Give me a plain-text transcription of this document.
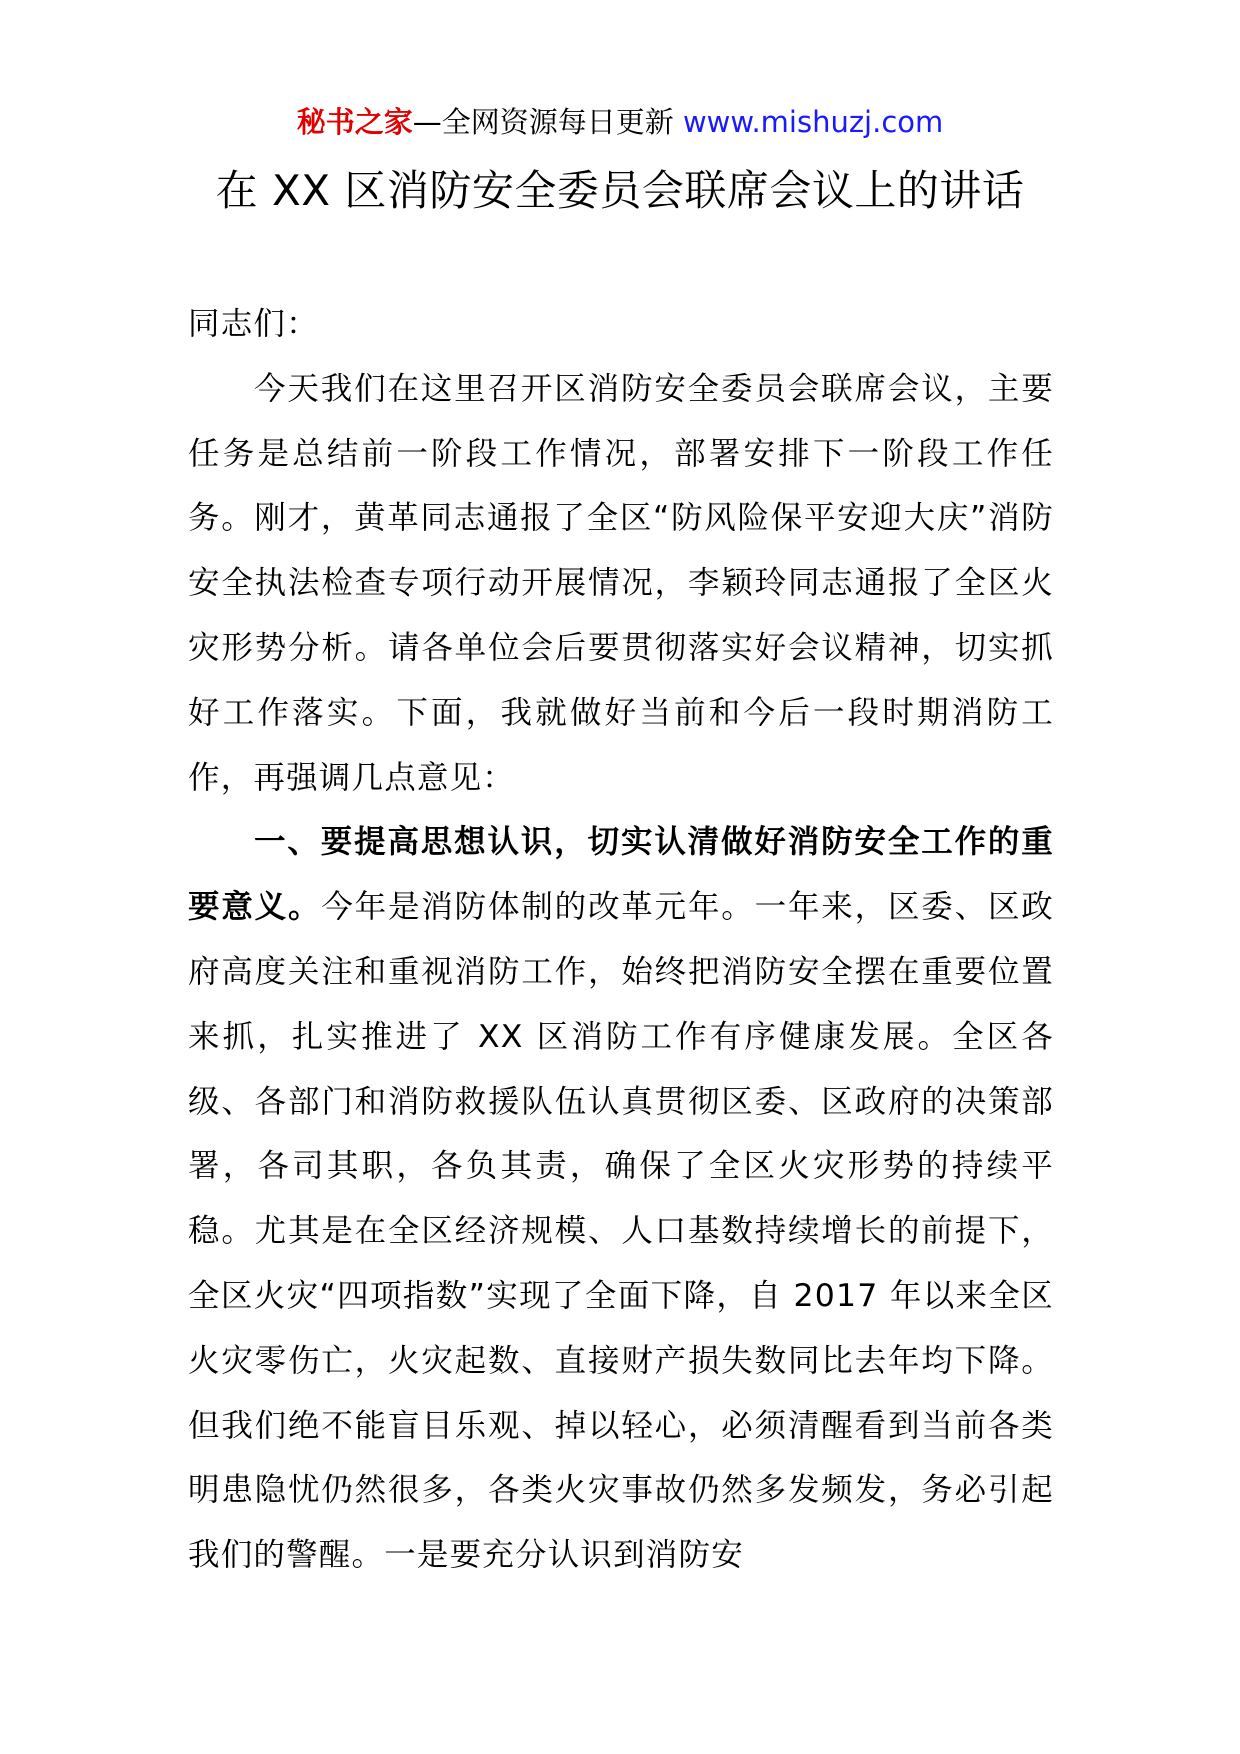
秘书之家—全网资源每日更新 www.mishuzj.com
在 XX 区消防安全委员会联席会议上的讲话

同志们：

今天我们在这里召开区消防安全委员会联席会议，主要任务是总结前一阶段工作情况，部署安排下一阶段工作任务。刚才，黄革同志通报了全区“防风险保平安迎大庆”消防安全执法检查专项行动开展情况，李颖玲同志通报了全区火灾形势分析。请各单位会后要贯彻落实好会议精神，切实抓好工作落实。下面，我就做好当前和今后一段时期消防工作，再强调几点意见：

一、要提高思想认识，切实认清做好消防安全工作的重要意义。今年是消防体制的改革元年。一年来，区委、区政府高度关注和重视消防工作，始终把消防安全摆在重要位置来抓，扎实推进了 XX 区消防工作有序健康发展。全区各级、各部门和消防救援队伍认真贯彻区委、区政府的决策部署，各司其职，各负其责，确保了全区火灾形势的持续平稳。尤其是在全区经济规模、人口基数持续增长的前提下，全区火灾“四项指数”实现了全面下降，自 2017 年以来全区火灾零伤亡，火灾起数、直接财产损失数同比去年均下降。但我们绝不能盲目乐观、掉以轻心，必须清醒看到当前各类明患隐忧仍然很多，各类火灾事故仍然多发频发，务必引起我们的警醒。一是要充分认识到消防安
